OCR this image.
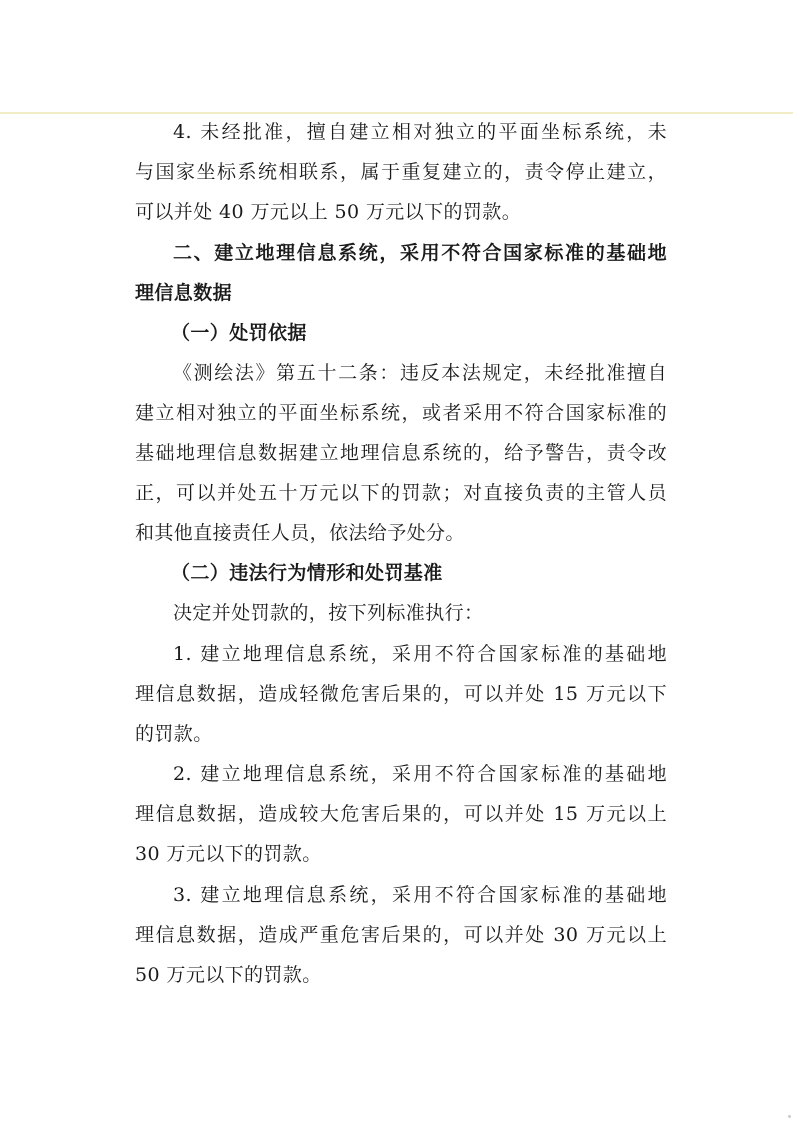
4. 未经批准，擅自建立相对独立的平面坐标系统，未
与国家坐标系统相联系，属于重复建立的，责令停止建立，
可以并处 40 万元以上 50 万元以下的罚款。
二、建立地理信息系统，采用不符合国家标准的基础地
理信息数据
（一）处罚依据
《测绘法》第五十二条：违反本法规定，未经批准擅自
建立相对独立的平面坐标系统，或者采用不符合国家标准的
基础地理信息数据建立地理信息系统的，给予警告，责令改
正，可以并处五十万元以下的罚款；对直接负责的主管人员
和其他直接责任人员，依法给予处分。
（二）违法行为情形和处罚基准
决定并处罚款的，按下列标准执行：
1. 建立地理信息系统，采用不符合国家标准的基础地
理信息数据，造成轻微危害后果的，可以并处 15 万元以下
的罚款。
2. 建立地理信息系统，采用不符合国家标准的基础地
理信息数据，造成较大危害后果的，可以并处 15 万元以上
30 万元以下的罚款。
3. 建立地理信息系统，采用不符合国家标准的基础地
理信息数据，造成严重危害后果的，可以并处 30 万元以上
50 万元以下的罚款。
